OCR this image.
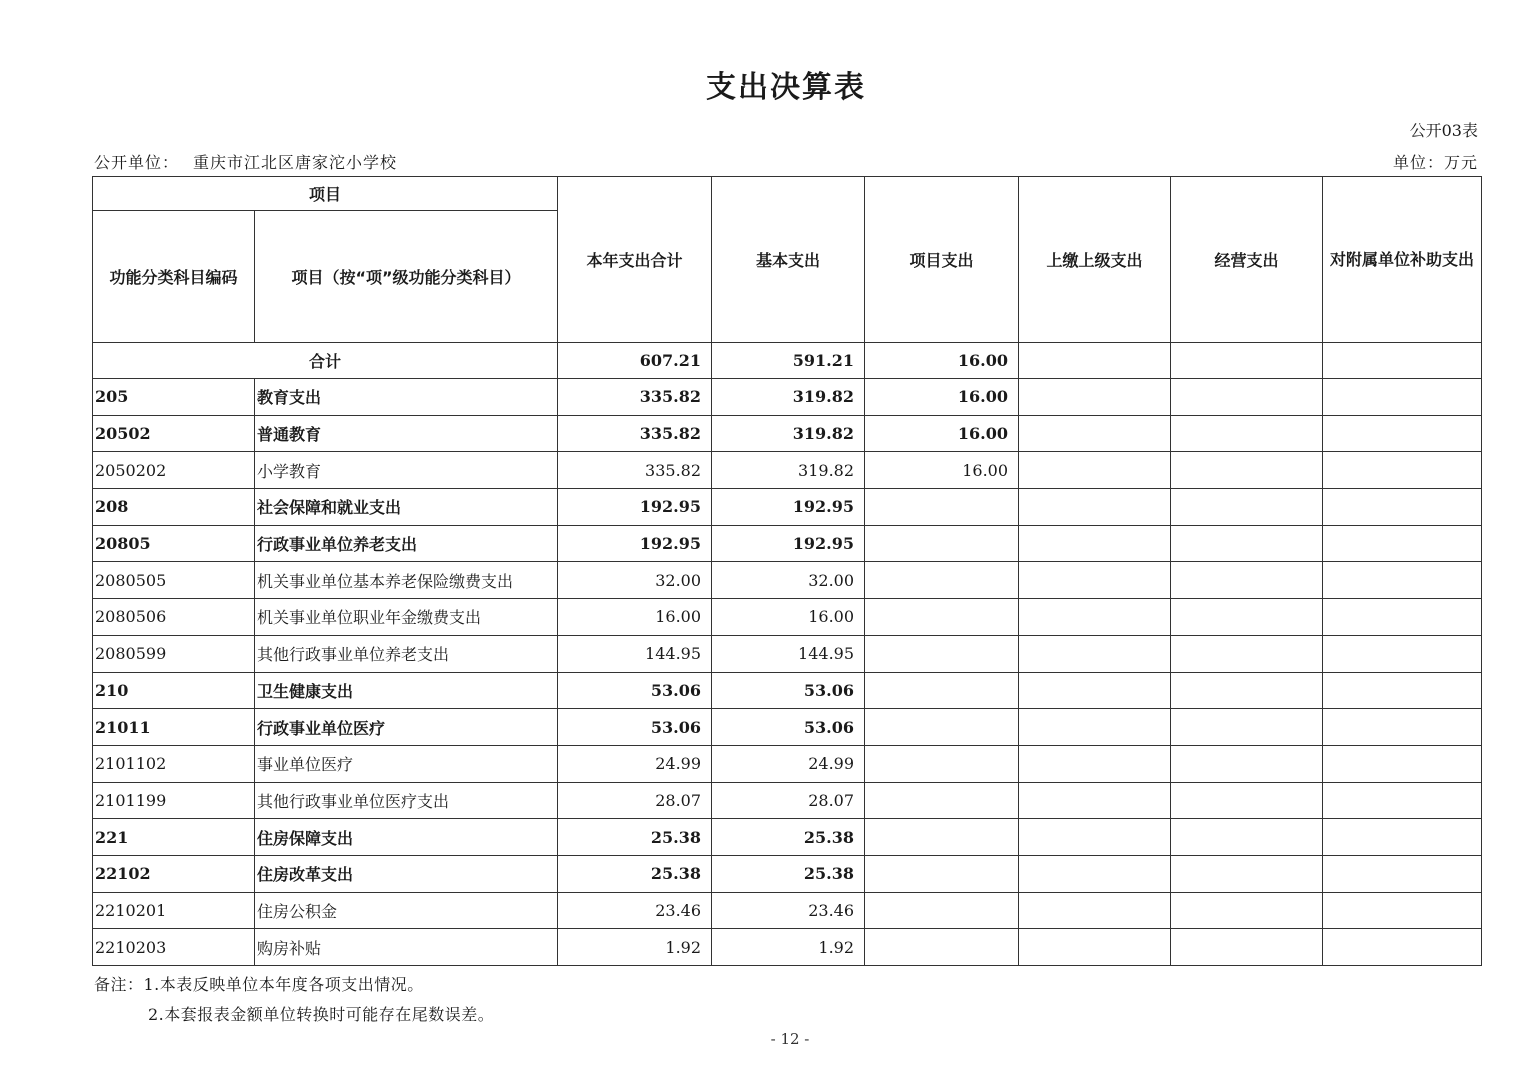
支出决算表
公开03表
公开单位： 重庆市江北区唐家沱小学校	单位：万元
项目		本年支出合计	基本支出	项目支出	上缴上级支出	经营支出	对附属单位补助支出
功能分类科目编码	项目（按“项”级功能分类科目）						
合计		607.21	591.21	16.00			
205	教育支出	335.82	319.82	16.00			
20502	普通教育	335.82	319.82	16.00			
2050202	小学教育	335.82	319.82	16.00			
208	社会保障和就业支出	192.95	192.95				
20805	行政事业单位养老支出	192.95	192.95				
2080505	机关事业单位基本养老保险缴费支出	32.00	32.00				
2080506	机关事业单位职业年金缴费支出	16.00	16.00				
2080599	其他行政事业单位养老支出	144.95	144.95				
210	卫生健康支出	53.06	53.06				
21011	行政事业单位医疗	53.06	53.06				
2101102	事业单位医疗	24.99	24.99				
2101199	其他行政事业单位医疗支出	28.07	28.07				
221	住房保障支出	25.38	25.38				
22102	住房改革支出	25.38	25.38				
2210201	住房公积金	23.46	23.46				
2210203	购房补贴	1.92	1.92				
备注：1.本表反映单位本年度各项支出情况。
2.本套报表金额单位转换时可能存在尾数误差。
- 12 -
